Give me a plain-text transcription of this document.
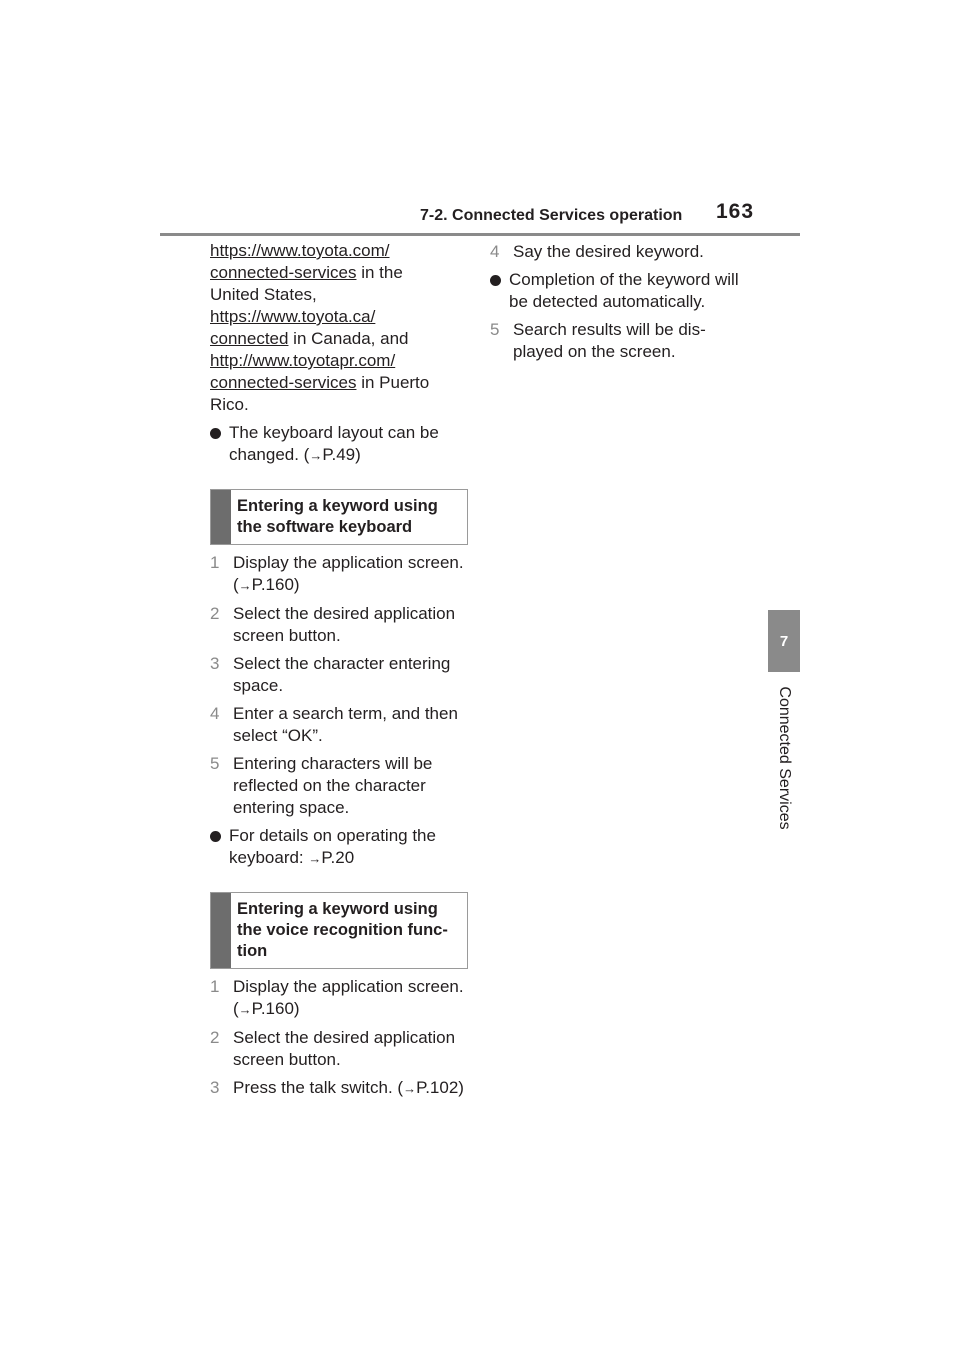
7-2. Connected Services operation 163
7
Connected Services

https://www.toyota.com/
connected-services in the United States,
https://www.toyota.ca/
connected in Canada, and
http://www.toyotapr.com/
connected-services in Puerto Rico.

The keyboard layout can be changed. (→P.49)
Entering a keyword using the software keyboard
1 Display the application screen. (→P.160)
2 Select the desired application screen button.
3 Select the character entering space.
4 Enter a search term, and then select “OK”.
5 Entering characters will be reflected on the character entering space.
For details on operating the keyboard: →P.20
Entering a keyword using the voice recognition func- tion
1 Display the application screen. (→P.160)
2 Select the desired application screen button.
3 Press the talk switch. (→P.102)
4 Say the desired keyword.
Completion of the keyword will be detected automatically.
5 Search results will be dis- played on the screen.
